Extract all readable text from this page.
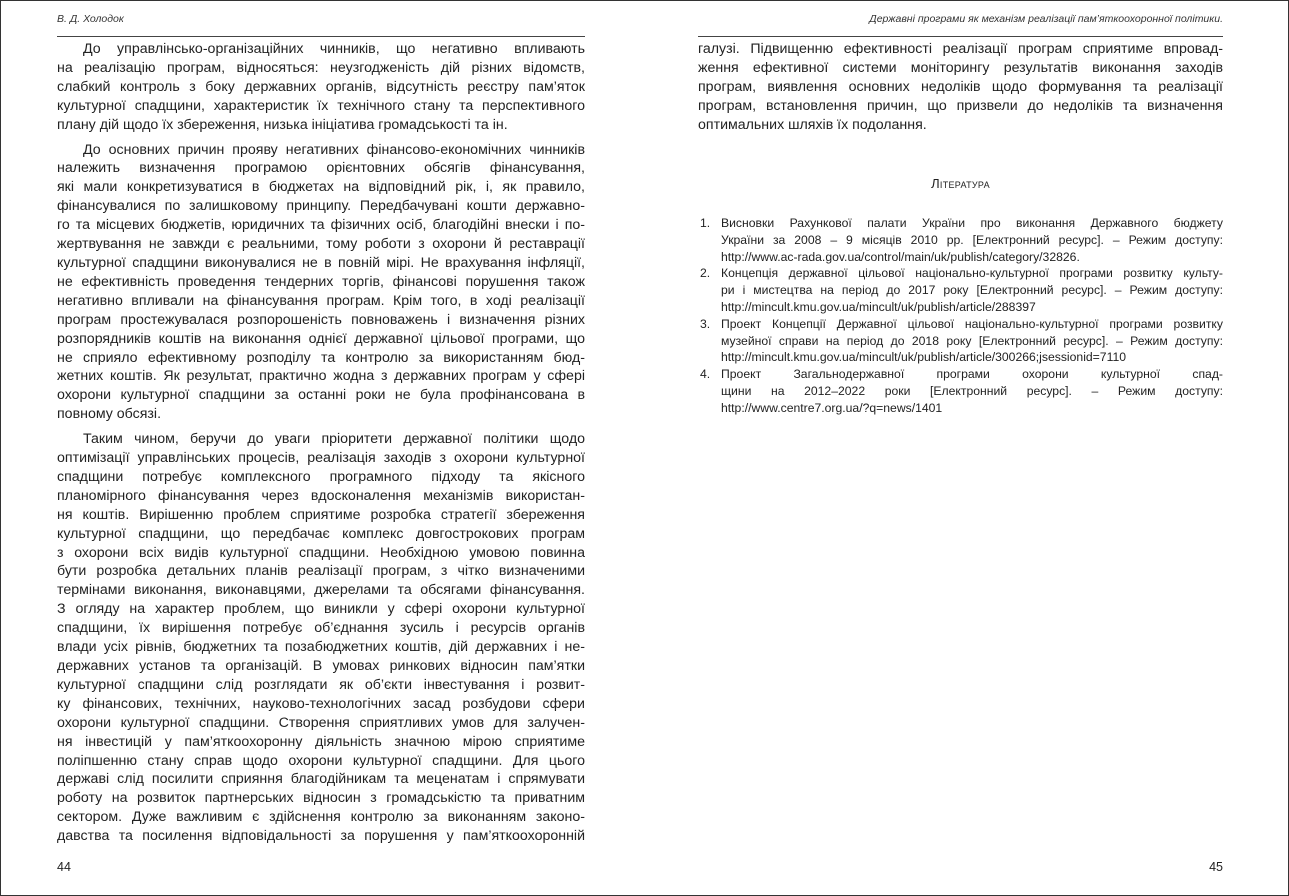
В. Д. Холодок
До управлінсько-організаційних чинників, що негативно впливають
на реалізацію програм, відносяться: неузгодженість дій різних відомств,
слабкий контроль з боку державних органів, відсутність реєстру пам’яток
культурної спадщини, характеристик їх технічного стану та перспективного
плану дій щодо їх збереження, низька ініціатива громадськості та ін.
До основних причин прояву негативних фінансово-економічних чинників
належить визначення програмою орієнтовних обсягів фінансування,
які мали конкретизуватися в бюджетах на відповідний рік, і, як правило,
фінансувалися по залишковому принципу. Передбачувані кошти державно-
го та місцевих бюджетів, юридичних та фізичних осіб, благодійні внески і по-
жертвування не завжди є реальними, тому роботи з охорони й реставрації
культурної спадщини виконувалися не в повній мірі. Не врахування інфляції,
не ефективність проведення тендерних торгів, фінансові порушення також
негативно впливали на фінансування програм. Крім того, в ході реалізації
програм простежувалася розпорошеність повноважень і визначення різних
розпорядників коштів на виконання однієї державної цільової програми, що
не сприяло ефективному розподілу та контролю за використанням бюд-
жетних коштів. Як результат, практично жодна з державних програм у сфері
охорони культурної спадщини за останні роки не була профінансована в
повному обсязі.
Таким чином, беручи до уваги пріоритети державної політики щодо
оптимізації управлінських процесів, реалізація заходів з охорони культурної
спадщини потребує комплексного програмного підходу та якісного
планомірного фінансування через вдосконалення механізмів використан-
ня коштів. Вирішенню проблем сприятиме розробка стратегії збереження
культурної спадщини, що передбачає комплекс довгострокових програм
з охорони всіх видів культурної спадщини. Необхідною умовою повинна
бути розробка детальних планів реалізації програм, з чітко визначеними
термінами виконання, виконавцями, джерелами та обсягами фінансування.
З огляду на характер проблем, що виникли у сфері охорони культурної
спадщини, їх вирішення потребує об’єднання зусиль і ресурсів органів
влади усіх рівнів, бюджетних та позабюджетних коштів, дій державних і не-
державних установ та організацій. В умовах ринкових відносин пам’ятки
культурної спадщини слід розглядати як об’єкти інвестування і розвит-
ку фінансових, технічних, науково-технологічних засад розбудови сфери
охорони культурної спадщини. Створення сприятливих умов для залучен-
ня інвестицій у пам’яткоохоронну діяльність значною мірою сприятиме
поліпшенню стану справ щодо охорони культурної спадщини. Для цього
державі слід посилити сприяння благодійникам та меценатам і спрямувати
роботу на розвиток партнерських відносин з громадськістю та приватним
сектором. Дуже важливим є здійснення контролю за виконанням законо-
давства та посилення відповідальності за порушення у пам’яткоохоронній
44
Державні програми як механізм реалізації пам’яткоохоронної політики.
галузі. Підвищенню ефективності реалізації програм сприятиме впровад-
ження ефективної системи моніторингу результатів виконання заходів
програм, виявлення основних недоліків щодо формування та реалізації
програм, встановлення причин, що призвели до недоліків та визначення
оптимальних шляхів їх подолання.
Література
1. Висновки Рахункової палати України про виконання Державного бюджету
України за 2008 – 9 місяців 2010 рр. [Електронний ресурс]. – Режим доступу:
http://www.ac-rada.gov.ua/control/main/uk/publish/category/32826.
2. Концепція державної цільової національно-культурної програми розвитку культу-
ри і мистецтва на період до 2017 року [Електронний ресурс]. – Режим доступу:
http://mincult.kmu.gov.ua/mincult/uk/publish/article/288397
3. Проект Концепції Державної цільової національно-культурної програми розвитку
музейної справи на період до 2018 року [Електронний ресурс]. – Режим доступу:
http://mincult.kmu.gov.ua/mincult/uk/publish/article/300266;jsessionid=7110
4. Проект Загальнодержавної програми охорони культурної спад-
щини на 2012–2022 роки [Електронний ресурс]. – Режим доступу:
http://www.centre7.org.ua/?q=news/1401
45
